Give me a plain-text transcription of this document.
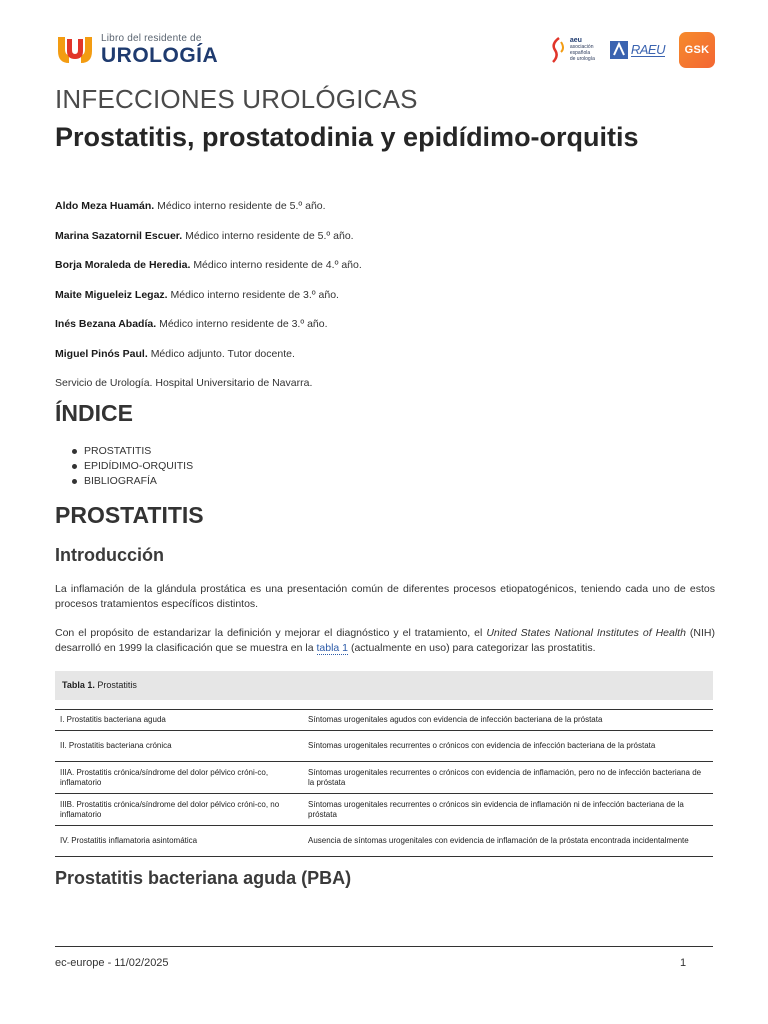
Libro del residente de
UROLOGÍA
aeu
asociación
española
de urología
RAEU	GSK
INFECCIONES UROLÓGICAS
Prostatitis, prostatodinia y epidídimo-orquitis
Aldo Meza Huamán. Médico interno residente de 5.º año.
Marina Sazatornil Escuer. Médico interno residente de 5.º año.
Borja Moraleda de Heredia. Médico interno residente de 4.º año.
Maite Migueleiz Legaz. Médico interno residente de 3.º año.
Inés Bezana Abadía. Médico interno residente de 3.º año.
Miguel Pinós Paul. Médico adjunto. Tutor docente.
Servicio de Urología. Hospital Universitario de Navarra.
ÍNDICE
PROSTATITIS
EPIDÍDIMO-ORQUITIS
BIBLIOGRAFÍA
PROSTATITIS
Introducción

La inflamación de la glándula prostática es una presentación común de diferentes procesos etiopatogénicos, teniendo cada uno de estos procesos tratamientos específicos distintos.

Con el propósito de estandarizar la definición y mejorar el diagnóstico y el tratamiento, el United States National Institutes of Health (NIH) desarrolló en 1999 la clasificación que se muestra en la tabla 1 (actualmente en uso) para categorizar las prostatitis.

Tabla 1. Prostatitis
I. Prostatitis bacteriana aguda	Síntomas urogenitales agudos con evidencia de infección bacteriana de la próstata
II. Prostatitis bacteriana crónica	Síntomas urogenitales recurrentes o crónicos con evidencia de infección bacteriana de la próstata
IIIA. Prostatitis crónica/síndrome del dolor pélvico cróni-co, inflamatorio	Síntomas urogenitales recurrentes o crónicos con evidencia de inflamación, pero no de infección bacteriana de la próstata
IIIB. Prostatitis crónica/síndrome del dolor pélvico cróni-co, no inflamatorio	Síntomas urogenitales recurrentes o crónicos sin evidencia de inflamación ni de infección bacteriana de la próstata
IV. Prostatitis inflamatoria asintomática	Ausencia de síntomas urogenitales con evidencia de inflamación de la próstata encontrada incidentalmente
Prostatitis bacteriana aguda (PBA)
ec-europe - 11/02/2025	1
